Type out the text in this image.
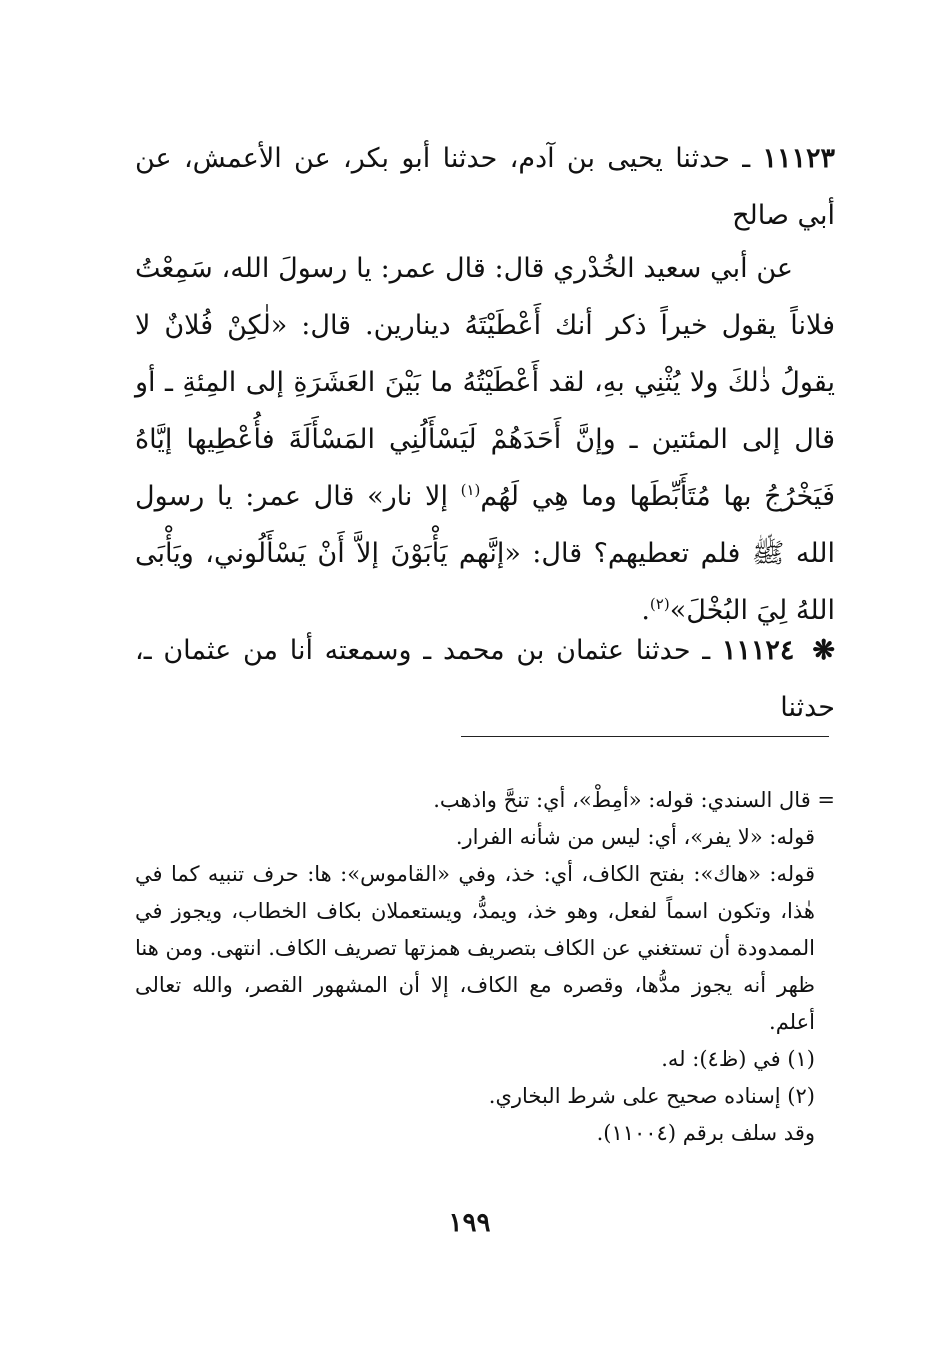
١١١٢٣ ـ حدثنا يحيى بن آدم، حدثنا أبو بكر، عن الأعمش، عن أبي صالح

عن أبي سعيد الخُدْري قال: قال عمر: يا رسولَ الله، سَمِعْتُ فلاناً يقول خيراً ذكر أنك أَعْطَيْتَهُ دينارين. قال: «لٰكِنْ فُلانٌ لا يقولُ ذٰلكَ ولا يُثْنِي بهِ، لقد أَعْطَيْتُهُ ما بَيْنَ العَشَرَةِ إلى المِئةِ ـ أو قال إلى المئتين ـ وإنَّ أَحَدَهُمْ لَيَسْأَلُنِي المَسْأَلَةَ فأُعْطِيها إيَّاهُ فَيَخْرُجُ بها مُتَأَبِّطَها وما هِي لَهُم$^{(١)}$ إلا نار» قال عمر: يا رسول الله ﷺ فلم تعطيهم؟ قال: «إنَّهم يَأْبَوْنَ إلاَّ أَنْ يَسْأَلُوني، ويَأْبَى اللهُ لِيَ البُخْلَ»$^{(٢)}$.

❋١١١٢٤ ـ حدثنا عثمان بن محمد ـ وسمعته أنا من عثمان ـ، حدثنا

= قال السندي: قوله: «أمِطْ»، أي: تنحَّ واذهب.
قوله: «لا يفر»، أي: ليس من شأنه الفرار.
قوله: «هاك»: بفتح الكاف، أي: خذ، وفي «القاموس»: ها: حرف تنبيه كما في هٰذا، وتكون اسماً لفعل، وهو خذ، ويمدُّ، ويستعملان بكاف الخطاب، ويجوز في الممدودة أن تستغني عن الكاف بتصريف همزتها تصريف الكاف. انتهى. ومن هنا ظهر أنه يجوز مدُّها، وقصره مع الكاف، إلا أن المشهور القصر، والله تعالى أعلم.
(١) في (ظ٤): له.
(٢) إسناده صحيح على شرط البخاري.
وقد سلف برقم (١١٠٠٤).
١٩٩
